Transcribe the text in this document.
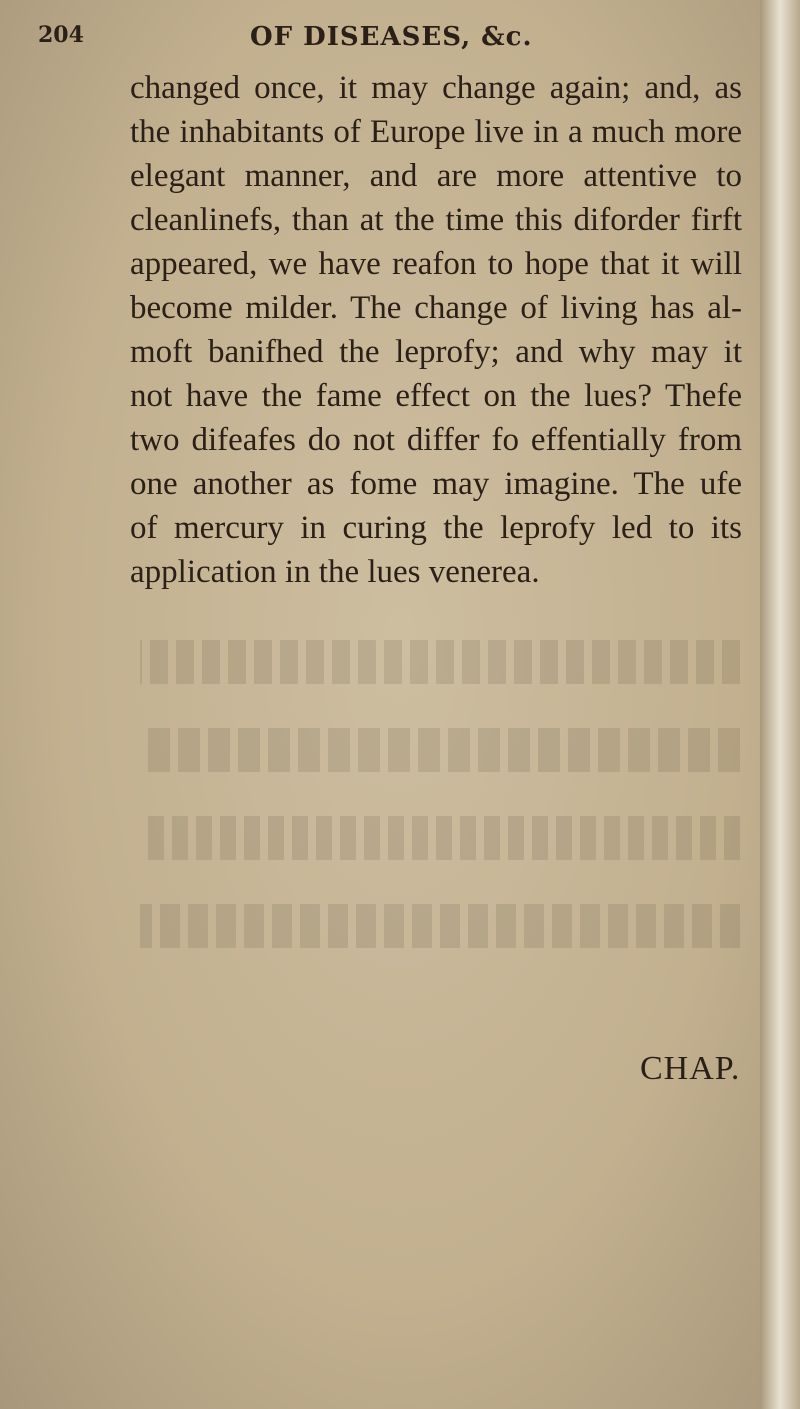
204	OF DISEASES, &c.
changed once, it may change again; and, as
the inhabitants of Europe live in a much more
elegant manner, and are more attentive to
cleanlinefs, than at the time this diforder firft
appeared, we have reafon to hope that it will
become milder. The change of living has al-
moft banifhed the leprofy; and why may it
not have the fame effect on the lues? Thefe
two difeafes do not differ fo effentially from
one another as fome may imagine. The ufe
of mercury in curing the leprofy led to its
application in the lues venerea.
CHAP.
